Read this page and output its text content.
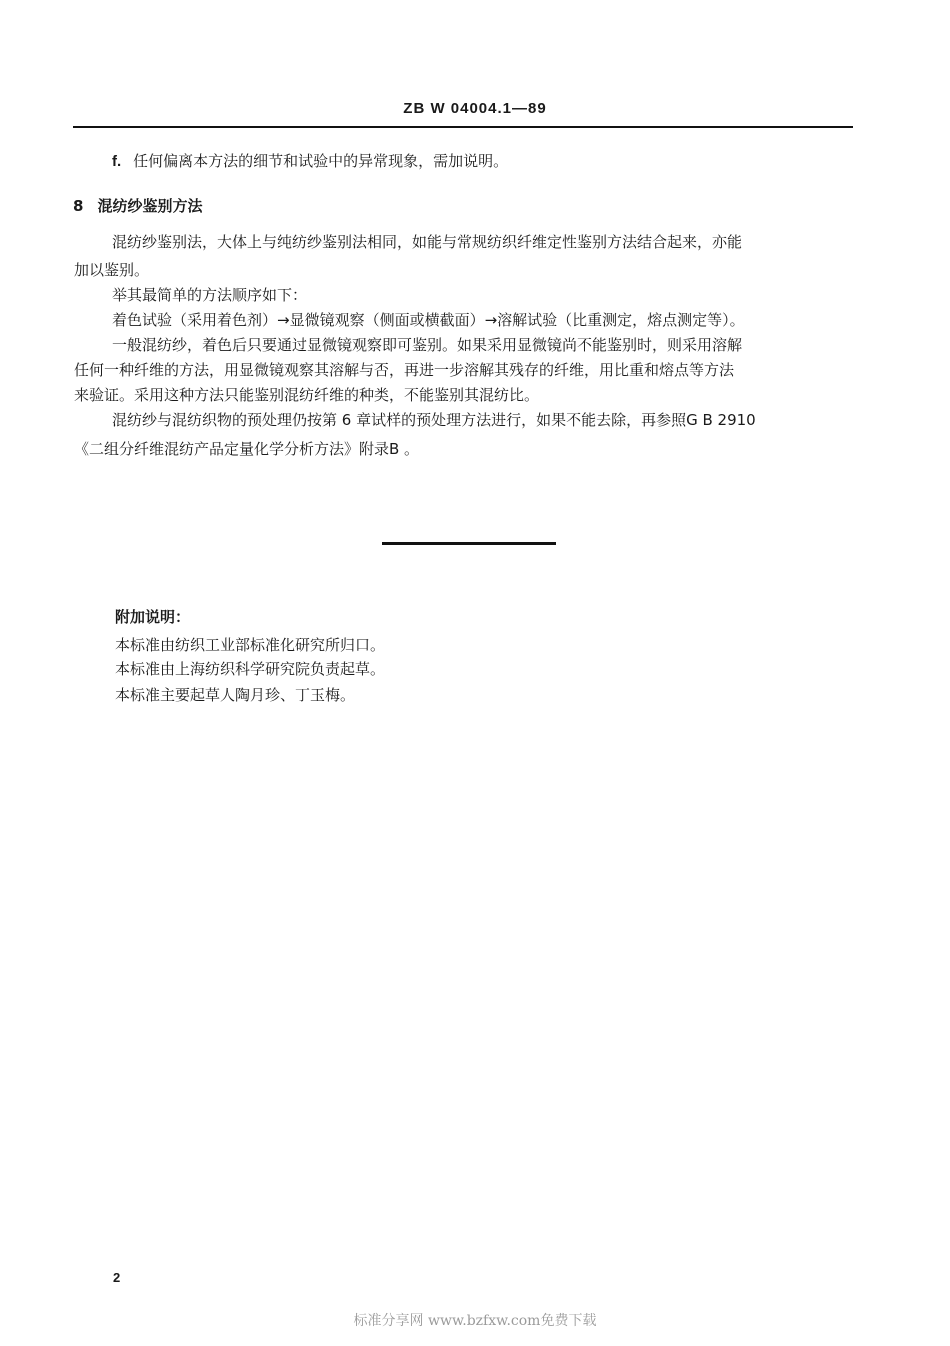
ZB W 04004.1—89
f. 任何偏离本方法的细节和试验中的异常现象，需加说明。
8 混纺纱鉴别方法
混纺纱鉴别法，大体上与纯纺纱鉴别法相同，如能与常规纺织纤维定性鉴别方法结合起来，亦能
加以鉴别。
举其最简单的方法顺序如下：
着色试验（采用着色剂）→显微镜观察（侧面或横截面）→溶解试验（比重测定，熔点测定等）。
一般混纺纱，着色后只要通过显微镜观察即可鉴别。如果采用显微镜尚不能鉴别时，则采用溶解
任何一种纤维的方法，用显微镜观察其溶解与否，再进一步溶解其残存的纤维，用比重和熔点等方法
来验证。采用这种方法只能鉴别混纺纤维的种类，不能鉴别其混纺比。
混纺纱与混纺织物的预处理仍按第 6 章试样的预处理方法进行，如果不能去除，再参照G B 2910
《二组分纤维混纺产品定量化学分析方法》附录B 。
附加说明：
本标准由纺织工业部标准化研究所归口。
本标准由上海纺织科学研究院负责起草。
本标准主要起草人陶月珍、丁玉梅。
2
标准分享网 www.bzfxw.com免费下载
